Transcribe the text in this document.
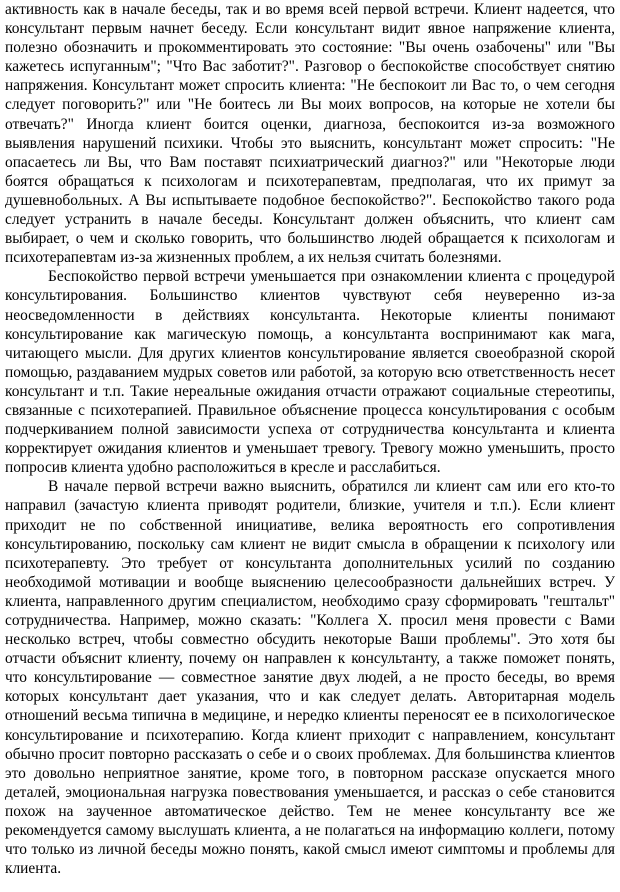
активность как в начале беседы, так и во время всей первой встречи. Клиент надеется, что консультант первым начнет беседу. Если консультант видит явное напряжение клиента, полезно обозначить и прокомментировать это состояние: "Вы очень озабочены" или "Вы кажетесь испуганным"; "Что Вас заботит?". Разговор о беспокойстве способствует снятию напряжения. Консультант может спросить клиента: "Не беспокоит ли Вас то, о чем сегодня следует поговорить?" или "Не боитесь ли Вы моих вопросов, на которые не хотели бы отвечать?" Иногда клиент боится оценки, диагноза, беспокоится из-за возможного выявления нарушений психики. Чтобы это выяснить, консультант может спросить: "Не опасаетесь ли Вы, что Вам поставят психиатрический диагноз?" или "Некоторые люди боятся обращаться к психологам и психотерапевтам, предполагая, что их примут за душевнобольных. А Вы испытываете подобное беспокойство?". Беспокойство такого рода следует устранить в начале беседы. Консультант должен объяснить, что клиент сам выбирает, о чем и сколько говорить, что большинство людей обращается к психологам и психотерапевтам из-за жизненных проблем, а их нельзя считать болезнями.

Беспокойство первой встречи уменьшается при ознакомлении клиента с процедурой консультирования. Большинство клиентов чувствуют себя неуверенно из-за неосведомленности в действиях консультанта. Некоторые клиенты понимают консультирование как магическую помощь, а консультанта воспринимают как мага, читающего мысли. Для других клиентов консультирование является своеобразной скорой помощью, раздаванием мудрых советов или работой, за которую всю ответственность несет консультант и т.п. Такие нереальные ожидания отчасти отражают социальные стереотипы, связанные с психотерапией. Правильное объяснение процесса консультирования с особым подчеркиванием полной зависимости успеха от сотрудничества консультанта и клиента корректирует ожидания клиентов и уменьшает тревогу. Тревогу можно уменьшить, просто попросив клиента удобно расположиться в кресле и расслабиться.

В начале первой встречи важно выяснить, обратился ли клиент сам или его кто-то направил (зачастую клиента приводят родители, близкие, учителя и т.п.). Если клиент приходит не по собственной инициативе, велика вероятность его сопротивления консультированию, поскольку сам клиент не видит смысла в обращении к психологу или психотерапевту. Это требует от консультанта дополнительных усилий по созданию необходимой мотивации и вообще выяснению целесообразности дальнейших встреч. У клиента, направленного другим специалистом, необходимо сразу сформировать "гештальт" сотрудничества. Например, можно сказать: "Коллега X. просил меня провести с Вами несколько встреч, чтобы совместно обсудить некоторые Ваши проблемы". Это хотя бы отчасти объяснит клиенту, почему он направлен к консультанту, а также поможет понять, что консультирование — совместное занятие двух людей, а не просто беседы, во время которых консультант дает указания, что и как следует делать. Авторитарная модель отношений весьма типична в медицине, и нередко клиенты переносят ее в психологическое консультирование и психотерапию. Когда клиент приходит с направлением, консультант обычно просит повторно рассказать о себе и о своих проблемах. Для большинства клиентов это довольно неприятное занятие, кроме того, в повторном рассказе опускается много деталей, эмоциональная нагрузка повествования уменьшается, и рассказ о себе становится похож на заученное автоматическое действо. Тем не менее консультанту все же рекомендуется самому выслушать клиента, а не полагаться на информацию коллеги, потому что только из личной беседы можно понять, какой смысл имеют симптомы и проблемы для клиента.
